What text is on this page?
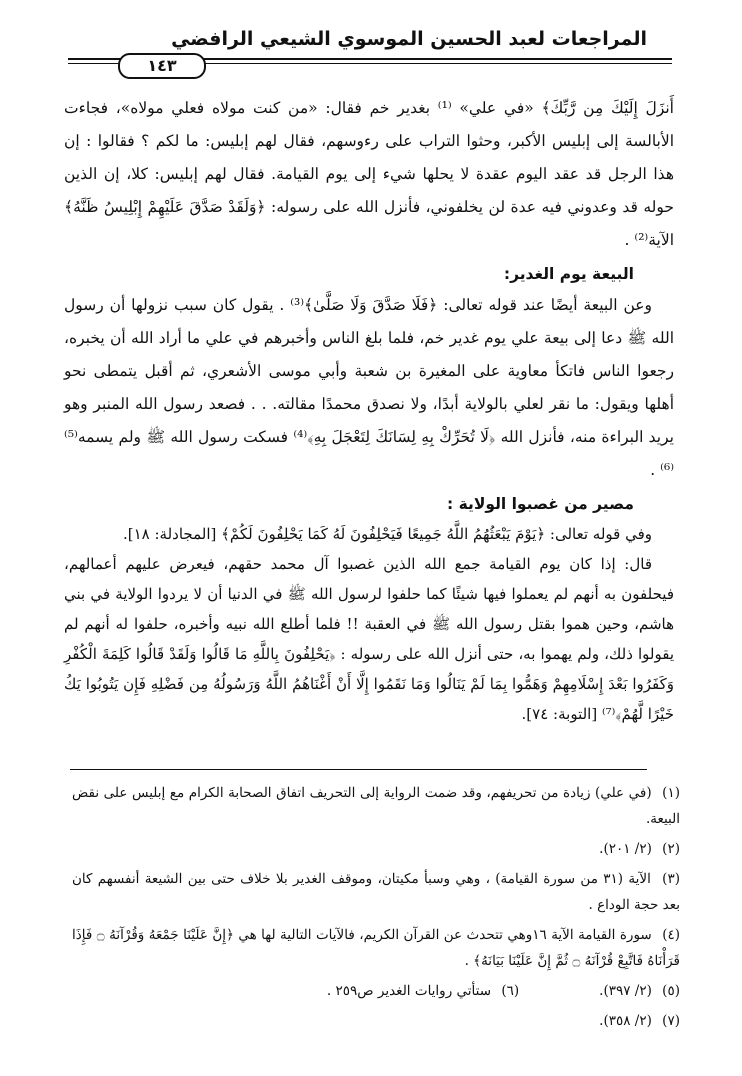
المراجعات لعبد الحسين الموسوي الشيعي الرافضي
١٤٣

أَنزَلَ إِلَيْكَ مِن رَّبِّكَ﴾ «في علي» ⁽¹⁾ بغدير خم فقال: «من كنت مولاه فعلي مولاه»، فجاءت الأبالسة إلى إبليس الأكبر، وحثوا التراب على رءوسهم، فقال لهم إبليس: ما لكم ؟ فقالوا : إن هذا الرجل قد عقد اليوم عقدة لا يحلها شيء إلى يوم القيامة. فقال لهم إبليس: كلا، إن الذين حوله قد وعدوني فيه عدة لن يخلفوني، فأنزل الله على رسوله: ﴿وَلَقَدْ صَدَّقَ عَلَيْهِمْ إِبْلِيسُ ظَنَّهُ﴾ الآية⁽²⁾ .

البيعة يوم الغدير:

وعن البيعة أيضًا عند قوله تعالى: ﴿فَلَا صَدَّقَ وَلَا صَلَّىٰ﴾⁽³⁾ . يقول كان سبب نزولها أن رسول الله ﷺ دعا إلى بيعة علي يوم غدير خم، فلما بلغ الناس وأخبرهم في علي ما أراد الله أن يخبره، رجعوا الناس فاتكأ معاوية على المغيرة بن شعبة وأبي موسى الأشعري، ثم أقبل يتمطى نحو أهلها ويقول: ما نقر لعلي بالولاية أبدًا، ولا نصدق محمدًا مقالته. . . فصعد رسول الله المنبر وهو يريد البراءة منه، فأنزل الله ﴿لَا تُحَرِّكْ بِهِ لِسَانَكَ لِتَعْجَلَ بِهِ﴾⁽⁴⁾ فسكت رسول الله ﷺ ولم يسمه⁽⁵⁾⁽⁶⁾ .

مصير من غصبوا الولاية :

وفي قوله تعالى: ﴿يَوْمَ يَبْعَثُهُمُ اللَّهُ جَمِيعًا فَيَحْلِفُونَ لَهُ كَمَا يَحْلِفُونَ لَكُمْ﴾ [المجادلة: ١٨].

قال: إذا كان يوم القيامة جمع الله الذين غصبوا آل محمد حقهم، فيعرض عليهم أعمالهم، فيحلفون به أنهم لم يعملوا فيها شيئًا كما حلفوا لرسول الله ﷺ في الدنيا أن لا يردوا الولاية في بني هاشم، وحين هموا بقتل رسول الله ﷺ في العقبة !! فلما أطلع الله نبيه وأخبره، حلفوا له أنهم لم يقولوا ذلك، ولم يهموا به، حتى أنزل الله على رسوله : ﴿يَحْلِفُونَ بِاللَّهِ مَا قَالُوا وَلَقَدْ قَالُوا كَلِمَةَ الْكُفْرِ وَكَفَرُوا بَعْدَ إِسْلَامِهِمْ وَهَمُّوا بِمَا لَمْ يَنَالُوا وَمَا نَقَمُوا إِلَّا أَنْ أَغْنَاهُمُ اللَّهُ وَرَسُولُهُ مِن فَضْلِهِ فَإِن يَتُوبُوا يَكُ خَيْرًا لَّهُمْ﴾⁽⁷⁾ [التوبة: ٧٤].

(١) (في علي) زيادة من تحريفهم، وقد ضمت الرواية إلى التحريف اتفاق الصحابة الكرام مع إبليس على نقض البيعة.

(٢) (٢/ ٢٠١).

(٣) الآية (٣١ من سورة القيامة) ، وهي وسبأ مكيتان، وموقف الغدير بلا خلاف حتى بين الشيعة أنفسهم كان بعد حجة الوداع .

(٤) سورة القيامة الآية ١٦وهي تتحدث عن القرآن الكريم، فالآيات التالية لها هي ﴿إِنَّ عَلَيْنَا جَمْعَهُ وَقُرْآنَهُ ۝ فَإِذَا قَرَأْنَاهُ فَاتَّبِعْ قُرْآنَهُ ۝ ثُمَّ إِنَّ عَلَيْنَا بَيَانَهُ﴾ .

(٥) (٢/ ٣٩٧).
(٦) ستأتي روايات الغدير ص٢٥٩ .

(٧) (٢/ ٣٥٨).
